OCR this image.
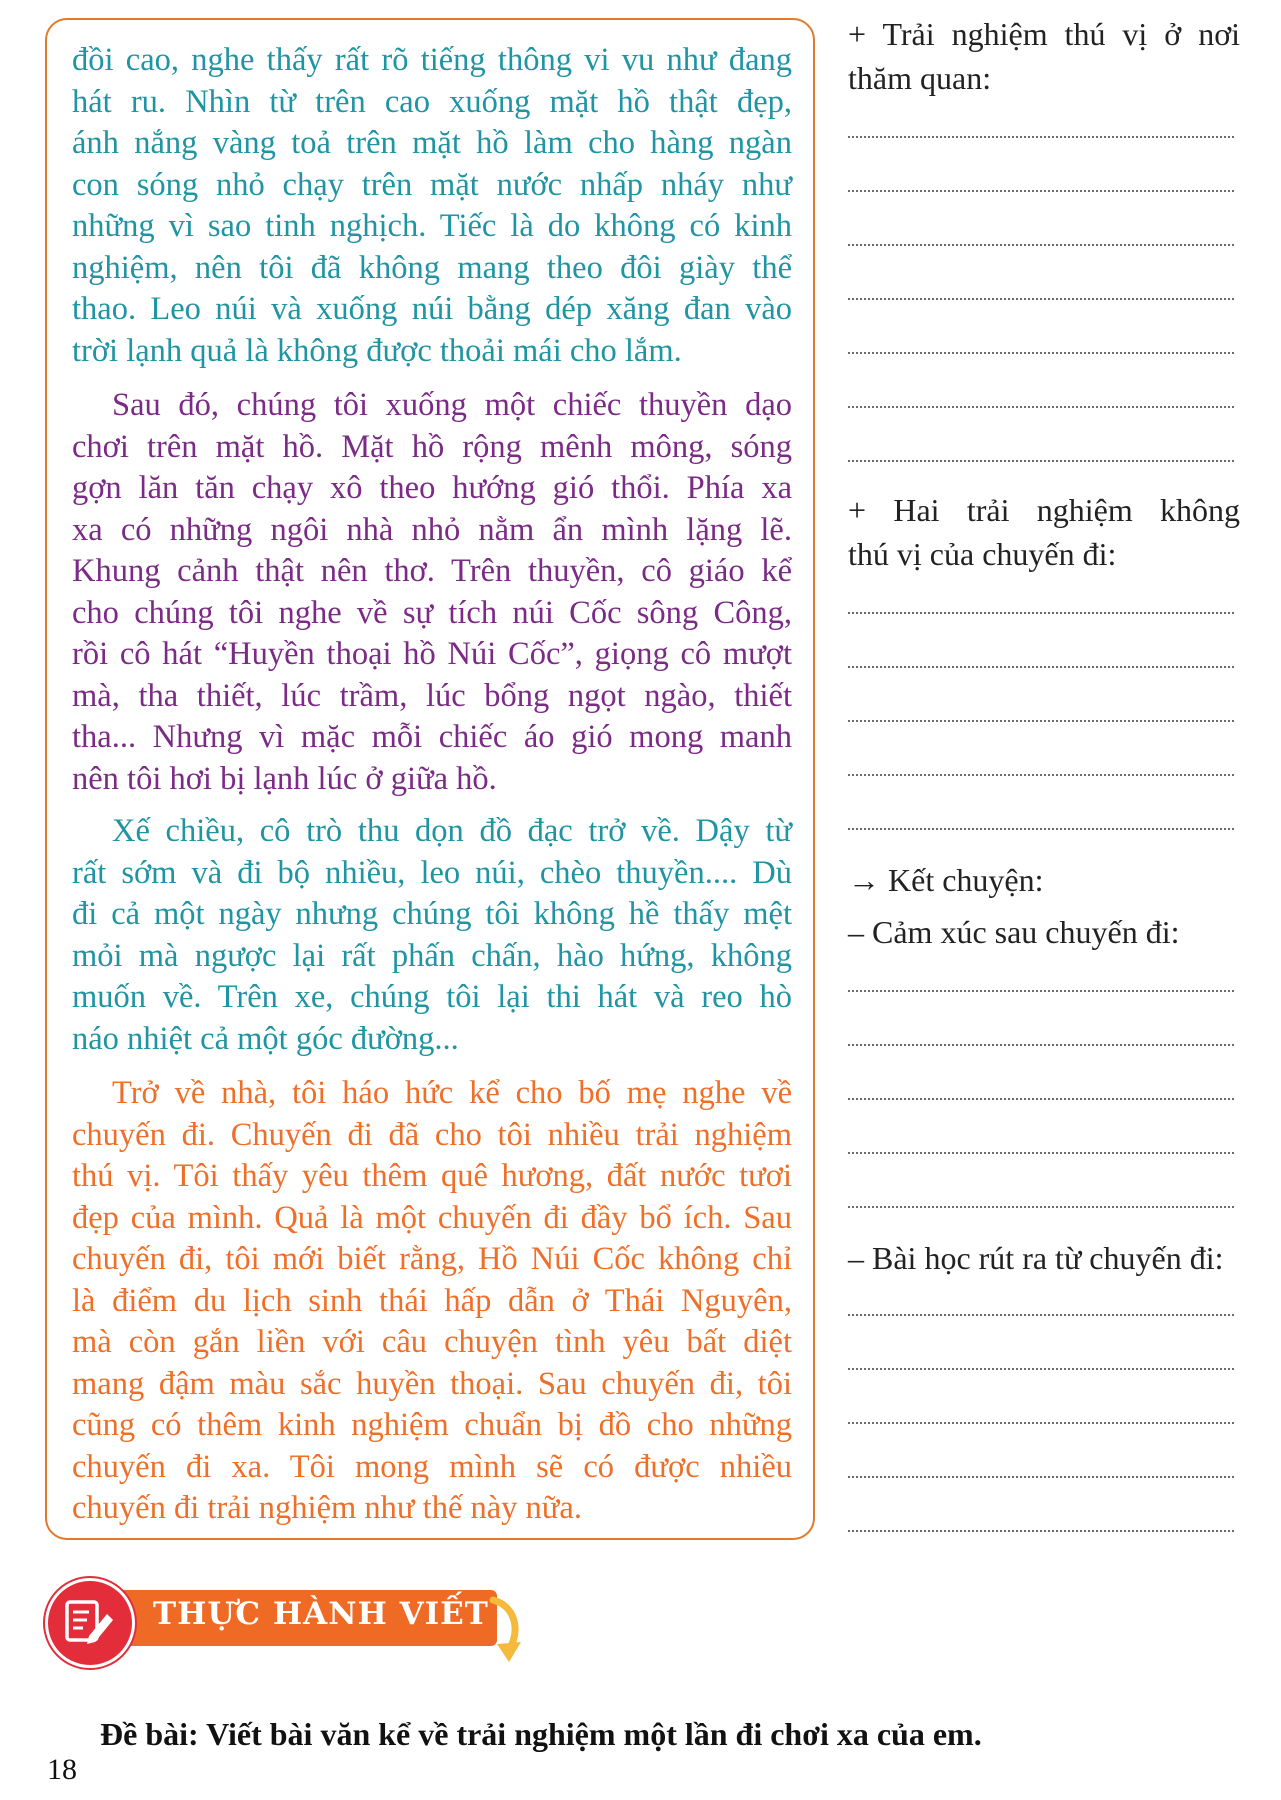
đồi cao, nghe thấy rất rõ tiếng thông vi vu như đang
hát ru. Nhìn từ trên cao xuống mặt hồ thật đẹp,
ánh nắng vàng toả trên mặt hồ làm cho hàng ngàn
con sóng nhỏ chạy trên mặt nước nhấp nháy như
những vì sao tinh nghịch. Tiếc là do không có kinh
nghiệm, nên tôi đã không mang theo đôi giày thể
thao. Leo núi và xuống núi bằng dép xăng đan vào
trời lạnh quả là không được thoải mái cho lắm.
Sau đó, chúng tôi xuống một chiếc thuyền dạo
chơi trên mặt hồ. Mặt hồ rộng mênh mông, sóng
gợn lăn tăn chạy xô theo hướng gió thổi. Phía xa
xa có những ngôi nhà nhỏ nằm ẩn mình lặng lẽ.
Khung cảnh thật nên thơ. Trên thuyền, cô giáo kể
cho chúng tôi nghe về sự tích núi Cốc sông Công,
rồi cô hát “Huyền thoại hồ Núi Cốc”, giọng cô mượt
mà, tha thiết, lúc trầm, lúc bổng ngọt ngào, thiết
tha... Nhưng vì mặc mỗi chiếc áo gió mong manh
nên tôi hơi bị lạnh lúc ở giữa hồ.
Xế chiều, cô trò thu dọn đồ đạc trở về. Dậy từ
rất sớm và đi bộ nhiều, leo núi, chèo thuyền.... Dù
đi cả một ngày nhưng chúng tôi không hề thấy mệt
mỏi mà ngược lại rất phấn chấn, hào hứng, không
muốn về. Trên xe, chúng tôi lại thi hát và reo hò
náo nhiệt cả một góc đường...
Trở về nhà, tôi háo hức kể cho bố mẹ nghe về
chuyến đi. Chuyến đi đã cho tôi nhiều trải nghiệm
thú vị. Tôi thấy yêu thêm quê hương, đất nước tươi
đẹp của mình. Quả là một chuyến đi đầy bổ ích. Sau
chuyến đi, tôi mới biết rằng, Hồ Núi Cốc không chỉ
là điểm du lịch sinh thái hấp dẫn ở Thái Nguyên,
mà còn gắn liền với câu chuyện tình yêu bất diệt
mang đậm màu sắc huyền thoại. Sau chuyến đi, tôi
cũng có thêm kinh nghiệm chuẩn bị đồ cho những
chuyến đi xa. Tôi mong mình sẽ có được nhiều
chuyến đi trải nghiệm như thế này nữa.

+ Trải nghiệm thú vị ở nơi

thăm quan:

+ Hai trải nghiệm không

thú vị của chuyến đi:

→ Kết chuyện:

– Cảm xúc sau chuyến đi:

– Bài học rút ra từ chuyến đi:

THỰC HÀNH VIẾT

Đề bài: Viết bài văn kể về trải nghiệm một lần đi chơi xa của em.

18
